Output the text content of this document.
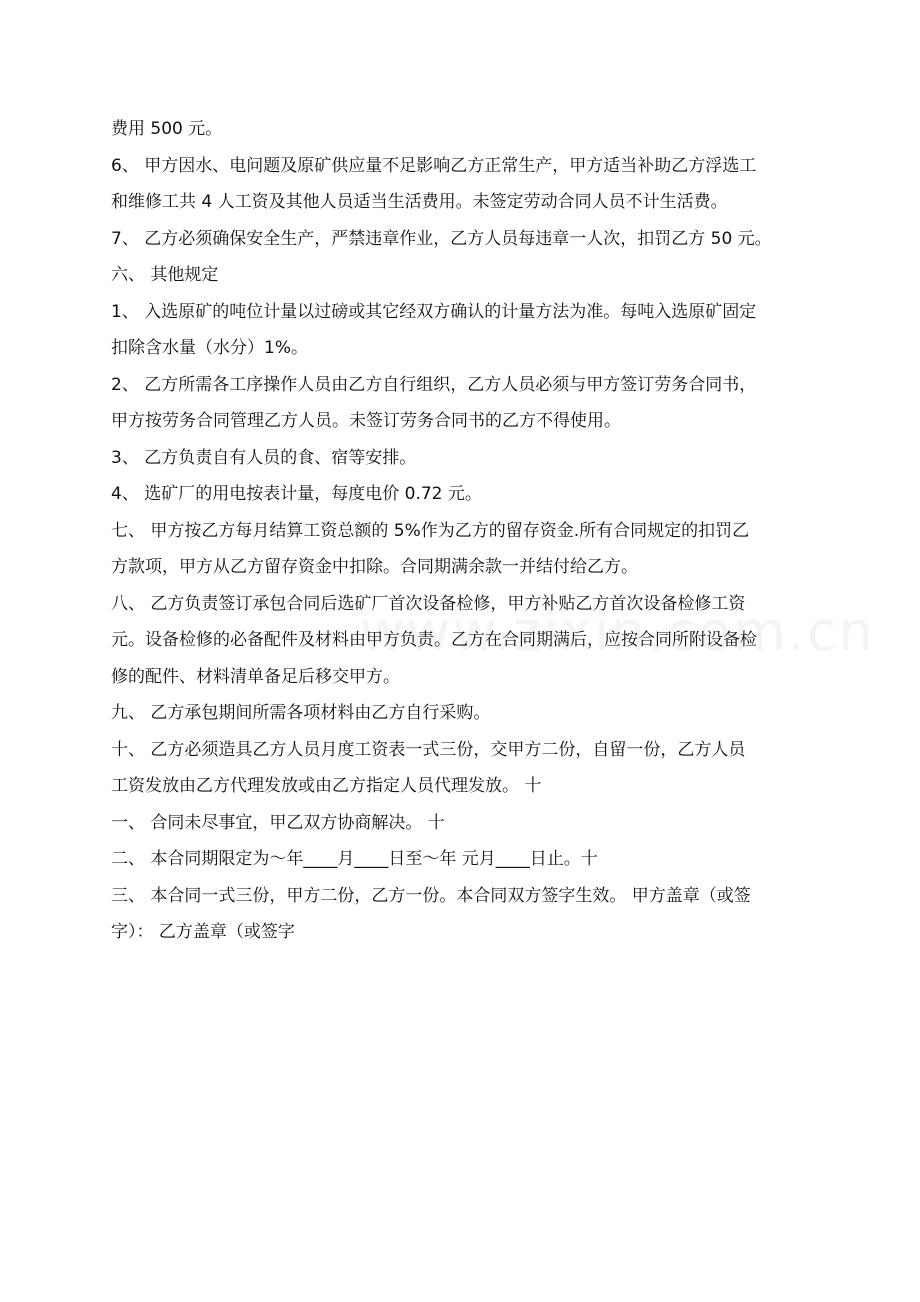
费用 500 元。
6、 甲方因水、电问题及原矿供应量不足影响乙方正常生产，甲方适当补助乙方浮选工
和维修工共 4 人工资及其他人员适当生活费用。未签定劳动合同人员不计生活费。
7、 乙方必须确保安全生产，严禁违章作业，乙方人员每违章一人次，扣罚乙方 50 元。
六、 其他规定
1、 入选原矿的吨位计量以过磅或其它经双方确认的计量方法为准。每吨入选原矿固定
扣除含水量（水分）1%。
2、 乙方所需各工序操作人员由乙方自行组织，乙方人员必须与甲方签订劳务合同书，
甲方按劳务合同管理乙方人员。未签订劳务合同书的乙方不得使用。
3、 乙方负责自有人员的食、宿等安排。
4、 选矿厂的用电按表计量，每度电价 0.72 元。
七、 甲方按乙方每月结算工资总额的 5%作为乙方的留存资金.所有合同规定的扣罚乙
方款项，甲方从乙方留存资金中扣除。合同期满余款一并结付给乙方。
八、 乙方负责签订承包合同后选矿厂首次设备检修，甲方补贴乙方首次设备检修工资
元。设备检修的必备配件及材料由甲方负责。乙方在合同期满后，应按合同所附设备检
修的配件、材料清单备足后移交甲方。
九、 乙方承包期间所需各项材料由乙方自行采购。
十、 乙方必须造具乙方人员月度工资表一式三份，交甲方二份，自留一份，乙方人员
工资发放由乙方代理发放或由乙方指定人员代理发放。 十
一、 合同未尽事宜，甲乙双方协商解决。 十
二、 本合同期限定为～年____月____日至～年 元月____日止。十
三、 本合同一式三份，甲方二份，乙方一份。本合同双方签字生效。 甲方盖章（或签
字）： 乙方盖章（或签字
